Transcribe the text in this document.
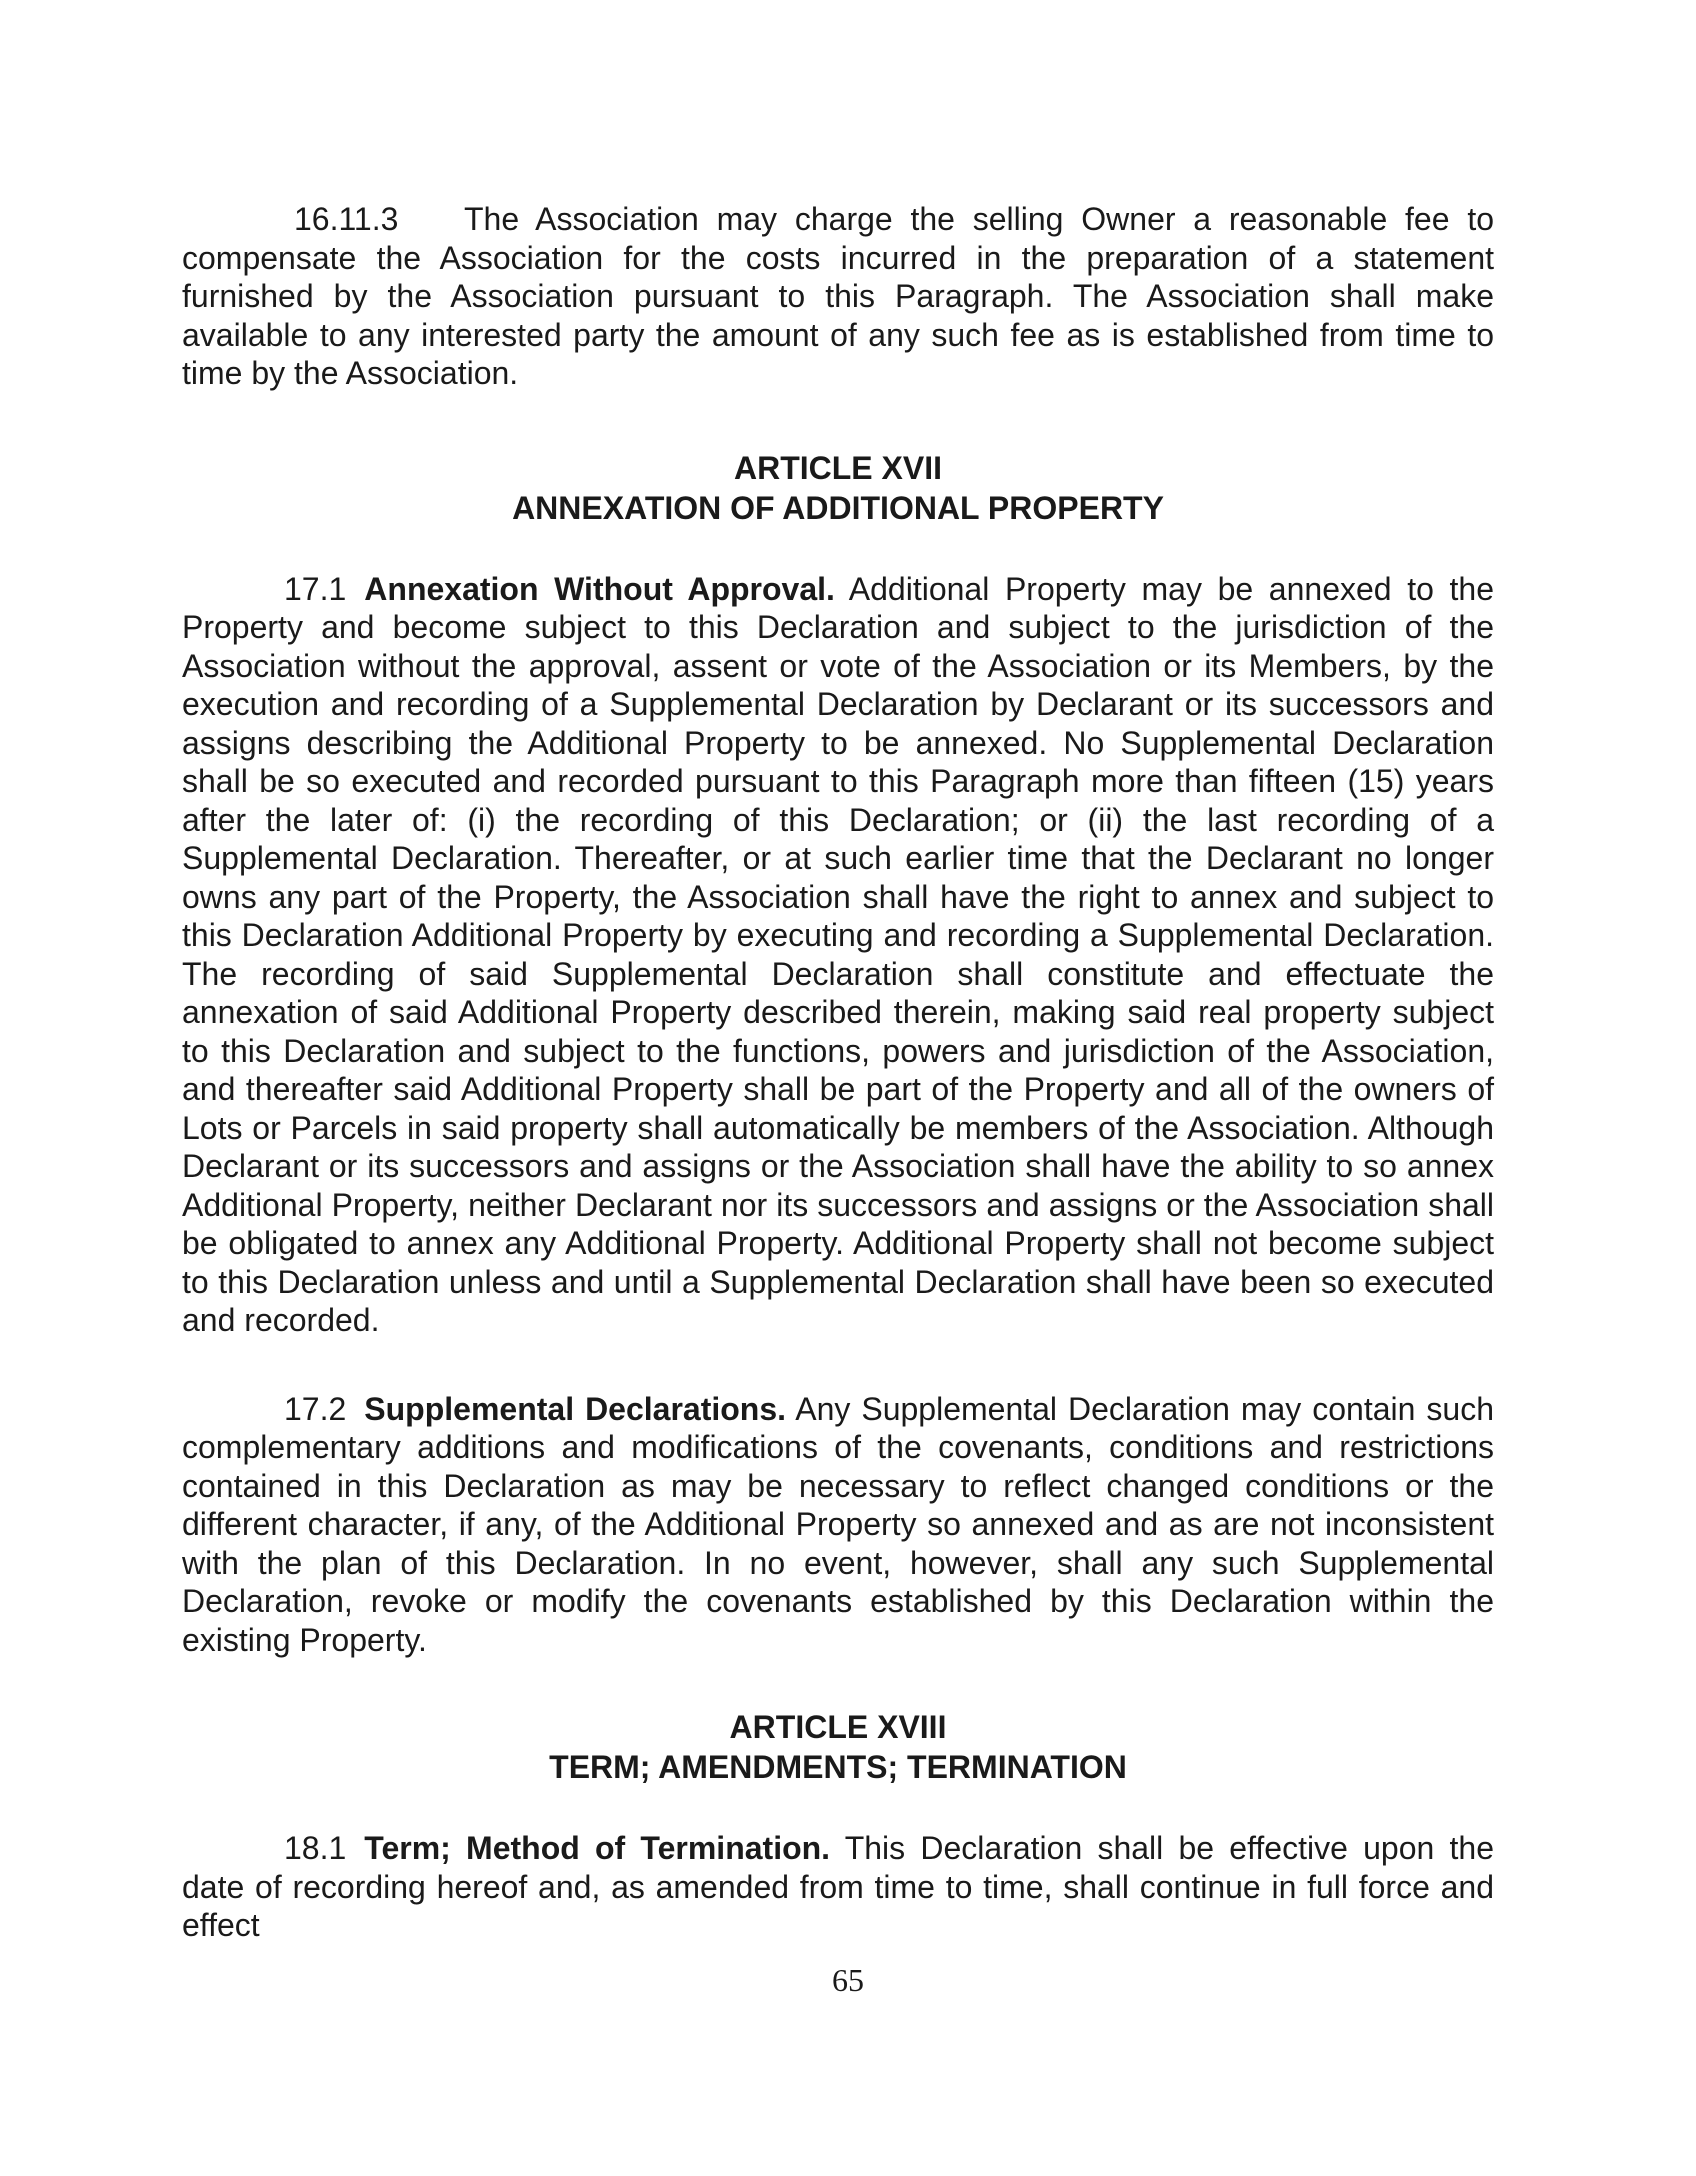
16.11.3 The Association may charge the selling Owner a reasonable fee to compensate the Association for the costs incurred in the preparation of a statement furnished by the Association pursuant to this Paragraph. The Association shall make available to any interested party the amount of any such fee as is established from time to time by the Association.

ARTICLE XVII

ANNEXATION OF ADDITIONAL PROPERTY

17.1 Annexation Without Approval. Additional Property may be annexed to the Property and become subject to this Declaration and subject to the jurisdiction of the Association without the approval, assent or vote of the Association or its Members, by the execution and recording of a Supplemental Declaration by Declarant or its successors and assigns describing the Additional Property to be annexed. No Supplemental Declaration shall be so executed and recorded pursuant to this Paragraph more than fifteen (15) years after the later of: (i) the recording of this Declaration; or (ii) the last recording of a Supplemental Declaration. Thereafter, or at such earlier time that the Declarant no longer owns any part of the Property, the Association shall have the right to annex and subject to this Declaration Additional Property by executing and recording a Supplemental Declaration. The recording of said Supplemental Declaration shall constitute and effectuate the annexation of said Additional Property described therein, making said real property subject to this Declaration and subject to the functions, powers and jurisdiction of the Association, and thereafter said Additional Property shall be part of the Property and all of the owners of Lots or Parcels in said property shall automatically be members of the Association. Although Declarant or its successors and assigns or the Association shall have the ability to so annex Additional Property, neither Declarant nor its successors and assigns or the Association shall be obligated to annex any Additional Property. Additional Property shall not become subject to this Declaration unless and until a Supplemental Declaration shall have been so executed and recorded.

17.2 Supplemental Declarations. Any Supplemental Declaration may contain such complementary additions and modifications of the covenants, conditions and restrictions contained in this Declaration as may be necessary to reflect changed conditions or the different character, if any, of the Additional Property so annexed and as are not inconsistent with the plan of this Declaration. In no event, however, shall any such Supplemental Declaration, revoke or modify the covenants established by this Declaration within the existing Property.

ARTICLE XVIII

TERM; AMENDMENTS; TERMINATION

18.1 Term; Method of Termination. This Declaration shall be effective upon the date of recording hereof and, as amended from time to time, shall continue in full force and effect

65
